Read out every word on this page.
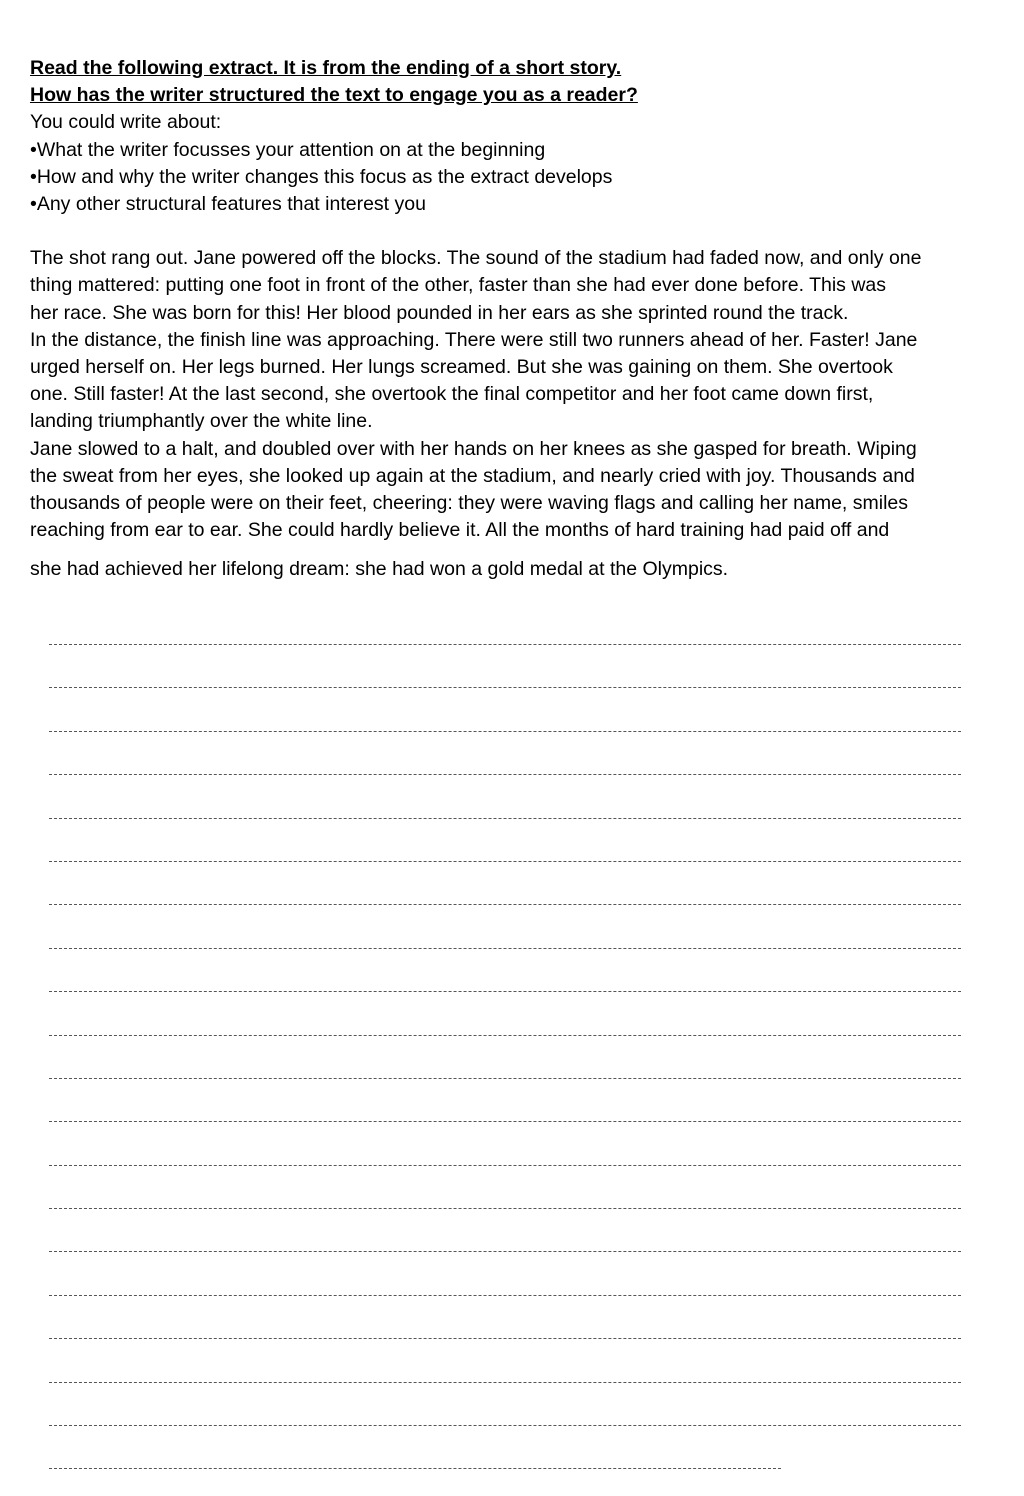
Read the following extract. It is from the ending of a short story.
How has the writer structured the text to engage you as a reader?
You could write about:
•What the writer focusses your attention on at the beginning
•How and why the writer changes this focus as the extract develops
•Any other structural features that interest you
The shot rang out. Jane powered off the blocks. The sound of the stadium had faded now, and only one
thing mattered: putting one foot in front of the other, faster than she had ever done before. This was
her race. She was born for this! Her blood pounded in her ears as she sprinted round the track.
In the distance, the finish line was approaching. There were still two runners ahead of her. Faster! Jane
urged herself on. Her legs burned. Her lungs screamed. But she was gaining on them. She overtook
one. Still faster! At the last second, she overtook the final competitor and her foot came down first,
landing triumphantly over the white line.
Jane slowed to a halt, and doubled over with her hands on her knees as she gasped for breath. Wiping
the sweat from her eyes, she looked up again at the stadium, and nearly cried with joy. Thousands and
thousands of people were on their feet, cheering: they were waving flags and calling her name, smiles
reaching from ear to ear. She could hardly believe it. All the months of hard training had paid off and
she had achieved her lifelong dream: she had won a gold medal at the Olympics.
